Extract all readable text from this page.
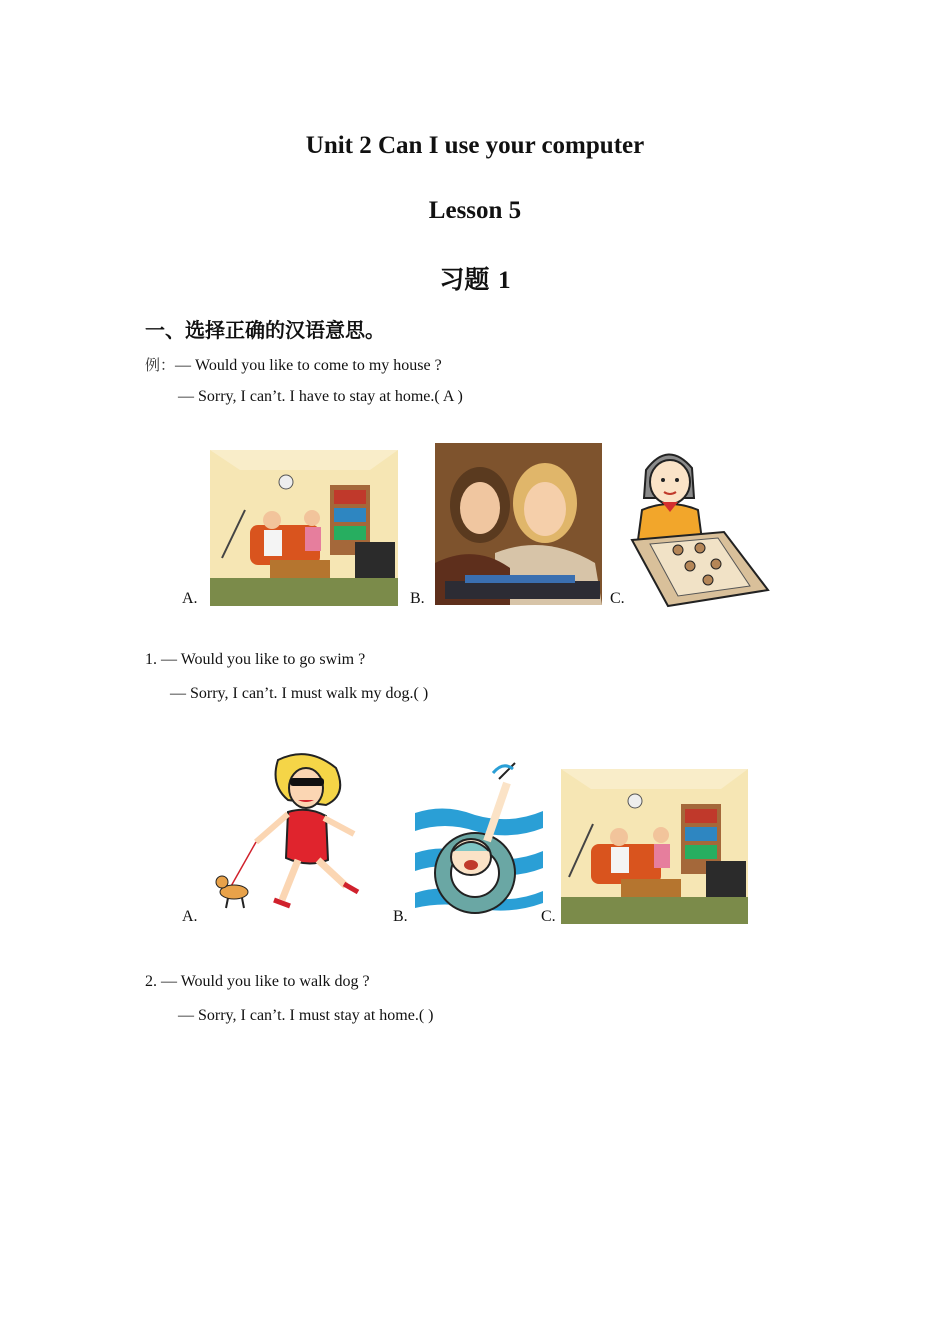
Unit 2 Can I use your computer
Lesson 5
习题 1
一、选择正确的汉语意思。
例：— Would you like to come to my house ?
— Sorry, I can’t. I have to stay at home.( A )
A.	B.	C.
1. — Would you like to go swim ?
— Sorry, I can’t. I must walk my dog.( )
A.	B.	C.
2. — Would you like to walk dog ?
— Sorry, I can’t. I must stay at home.( )
